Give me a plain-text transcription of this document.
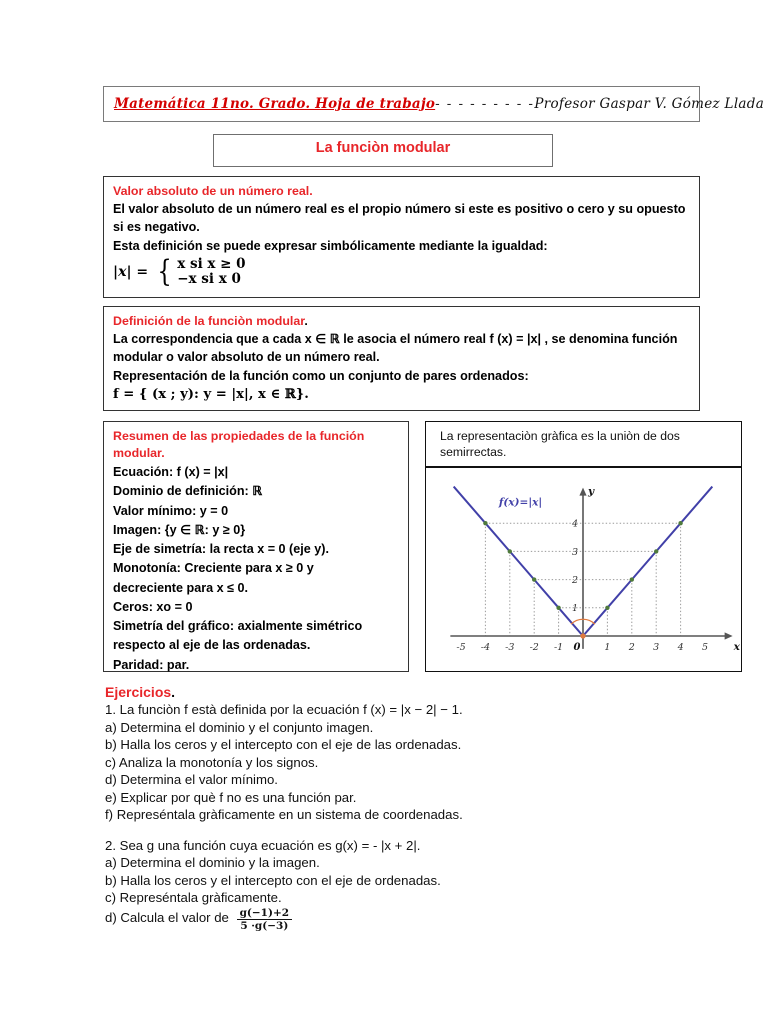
Matemática 11no. Grado. Hoja de trabajo- - - - - - - - -Profesor Gaspar V. Gómez Llada
La funciòn modular
Valor absoluto de un número real.
El valor absoluto de un número real es el propio número si este es positivo o cero y su opuesto
si es negativo.
Esta definición se puede expresar simbólicamente mediante la igualdad:
|x| = { x si x ≥ 0
−x si x 0
Definición de la funciòn modular.
La correspondencia que a cada x ∈ ℝ le asocia el número real f (x) = |x| , se denomina función
modular o valor absoluto de un número real.
Representación de la función como un conjunto de pares ordenados:
f = { (x ; y): y = |x|, x ∈ ℝ}.
Resumen de las propiedades de la función
modular.
Ecuación: f (x) = |x|
Dominio de definición: ℝ
Valor mínimo: y = 0
Imagen: {y ∈ ℝ: y ≥ 0}
Eje de simetría: la recta x = 0 (eje y).
Monotonía: Creciente para x ≥ 0 y
decreciente para x ≤ 0.
Ceros: xo = 0
Simetría del gráfico: axialmente simétrico
respecto al eje de las ordenadas.
Paridad: par.
La representaciòn gràfica es la uniòn de dos
semirrectas.
-5 -4 -3 -2 -1	1 2 3 4 5
0
1
2
3
4
x
y
f(x)=|x|
Ejercicios.
1. La funciòn f està definida por la ecuación f (x) = |x − 2| − 1.
a) Determina el dominio y el conjunto imagen.
b) Halla los ceros y el intercepto con el eje de las ordenadas.
c) Analiza la monotonía y los signos.
d) Determina el valor mínimo.
e) Explicar por què f no es una función par.
f) Represéntala gràficamente en un sistema de coordenadas.
2. Sea g una función cuya ecuación es g(x) = - |x + 2|.
a) Determina el dominio y la imagen.
b) Halla los ceros y el intercepto con el eje de ordenadas.
c) Represéntala gràficamente.
d) Calcula el valor de $\frac{g(-1)+2}{5 \cdot g(-3)}$
